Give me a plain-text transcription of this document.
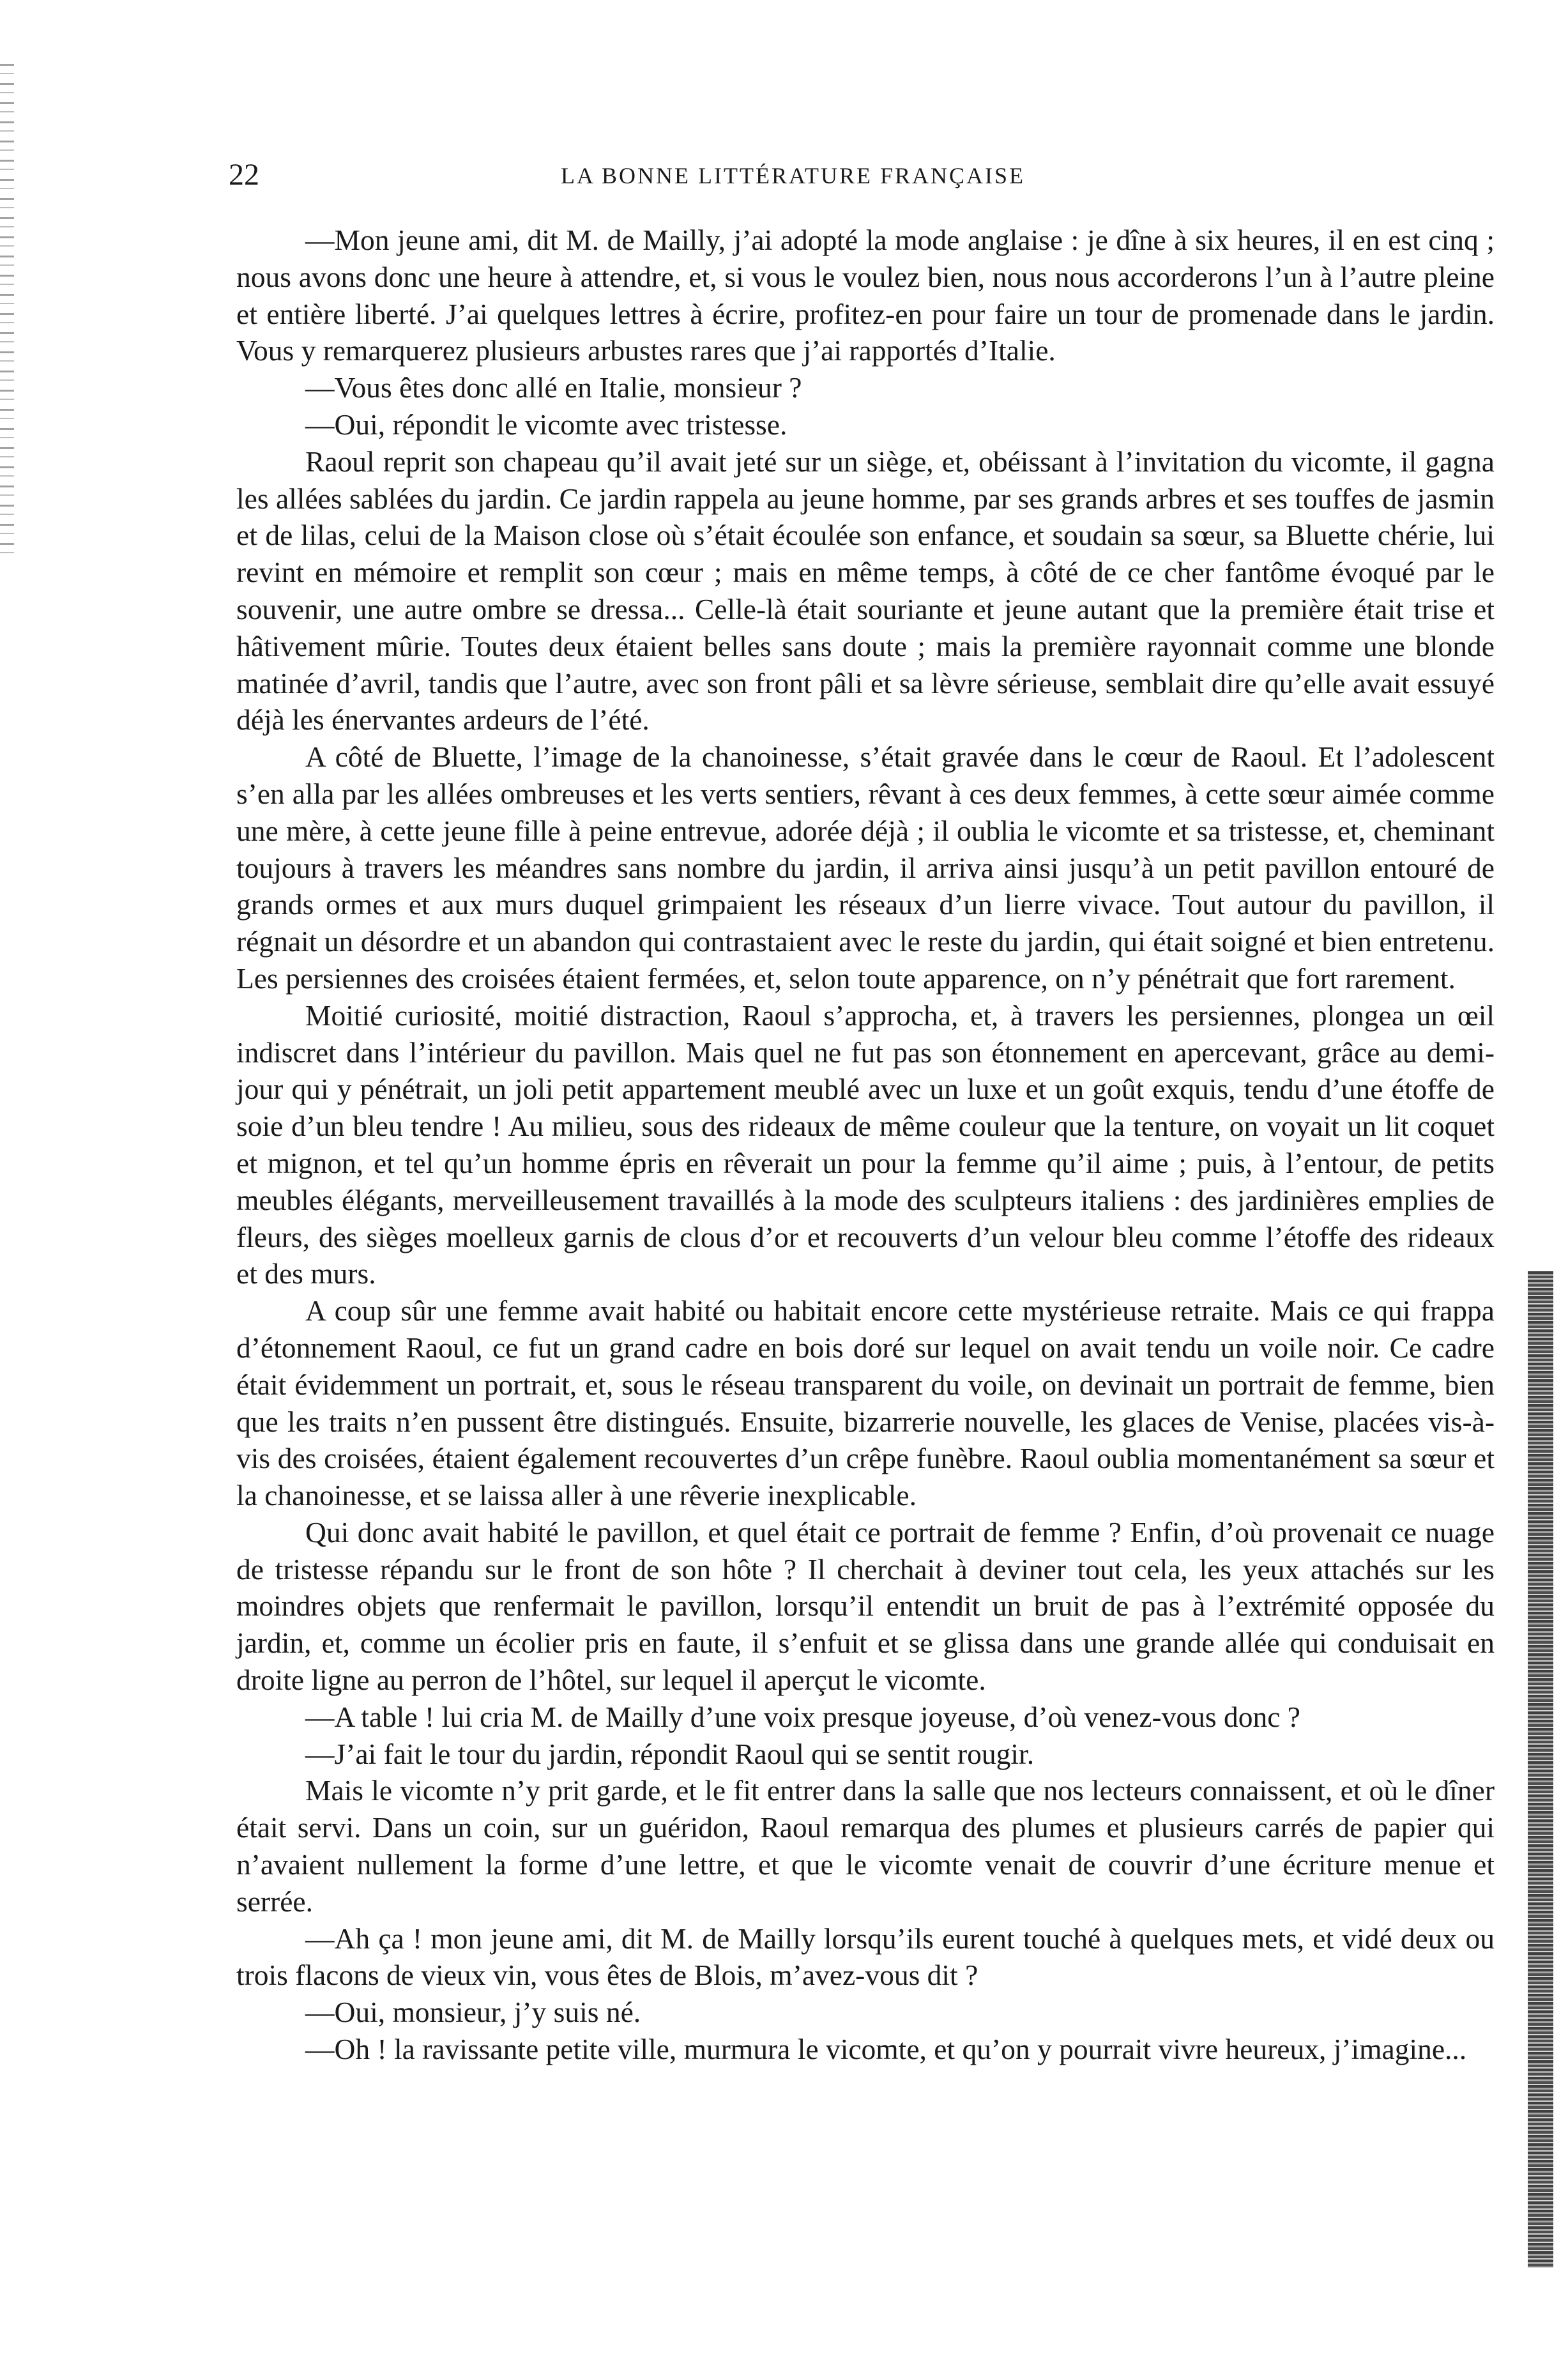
22	LA BONNE LITTÉRATURE FRANÇAISE

—Mon jeune ami, dit M. de Mailly, j’ai adopté la mode anglaise : je dîne à six heures, il en est cinq ; nous avons donc une heure à attendre, et, si vous le voulez bien, nous nous accorderons l’un à l’autre pleine et entière liberté. J’ai quelques lettres à écrire, profitez-en pour faire un tour de promenade dans le jardin. Vous y remarquerez plusieurs arbustes rares que j’ai rapportés d’Italie.

—Vous êtes donc allé en Italie, monsieur ?

—Oui, répondit le vicomte avec tristesse.

Raoul reprit son chapeau qu’il avait jeté sur un siège, et, obéissant à l’invitation du vicomte, il gagna les allées sablées du jardin. Ce jardin rappela au jeune homme, par ses grands arbres et ses touffes de jasmin et de lilas, celui de la Maison close où s’était écoulée son enfance, et soudain sa sœur, sa Bluette chérie, lui revint en mémoire et remplit son cœur ; mais en même temps, à côté de ce cher fantôme évoqué par le souvenir, une autre ombre se dressa... Celle-là était souriante et jeune autant que la première était trise et hâtivement mûrie. Toutes deux étaient belles sans doute ; mais la première rayonnait comme une blonde matinée d’avril, tandis que l’autre, avec son front pâli et sa lèvre sérieuse, semblait dire qu’elle avait essuyé déjà les énervantes ardeurs de l’été.

A côté de Bluette, l’image de la chanoinesse, s’était gravée dans le cœur de Raoul. Et l’adolescent s’en alla par les allées ombreuses et les verts sentiers, rêvant à ces deux femmes, à cette sœur aimée comme une mère, à cette jeune fille à peine entrevue, adorée déjà ; il oublia le vicomte et sa tristesse, et, cheminant toujours à travers les méandres sans nombre du jardin, il arriva ainsi jusqu’à un petit pavillon entouré de grands ormes et aux murs duquel grimpaient les réseaux d’un lierre vivace. Tout autour du pavillon, il régnait un désordre et un abandon qui contrastaient avec le reste du jardin, qui était soigné et bien entretenu. Les persiennes des croisées étaient fermées, et, selon toute apparence, on n’y pénétrait que fort rarement.

Moitié curiosité, moitié distraction, Raoul s’approcha, et, à travers les persiennes, plongea un œil indiscret dans l’intérieur du pavillon. Mais quel ne fut pas son étonnement en apercevant, grâce au demi-jour qui y pénétrait, un joli petit appartement meublé avec un luxe et un goût exquis, tendu d’une étoffe de soie d’un bleu tendre ! Au milieu, sous des rideaux de même couleur que la tenture, on voyait un lit coquet et mignon, et tel qu’un homme épris en rêverait un pour la femme qu’il aime ; puis, à l’entour, de petits meubles élégants, merveilleusement travaillés à la mode des sculpteurs italiens : des jardinières emplies de fleurs, des sièges moelleux garnis de clous d’or et recouverts d’un velour bleu comme l’étoffe des rideaux et des murs.

A coup sûr une femme avait habité ou habitait encore cette mystérieuse retraite. Mais ce qui frappa d’étonnement Raoul, ce fut un grand cadre en bois doré sur lequel on avait tendu un voile noir. Ce cadre était évidemment un portrait, et, sous le réseau transparent du voile, on devinait un portrait de femme, bien que les traits n’en pussent être distingués. Ensuite, bizarrerie nouvelle, les glaces de Venise, placées vis-à-vis des croisées, étaient également recouvertes d’un crêpe funèbre. Raoul oublia momentanément sa sœur et la chanoinesse, et se laissa aller à une rêverie inexplicable.

Qui donc avait habité le pavillon, et quel était ce portrait de femme ? Enfin, d’où provenait ce nuage de tristesse répandu sur le front de son hôte ? Il cherchait à deviner tout cela, les yeux attachés sur les moindres objets que renfermait le pavillon, lorsqu’il entendit un bruit de pas à l’extrémité opposée du jardin, et, comme un écolier pris en faute, il s’enfuit et se glissa dans une grande allée qui conduisait en droite ligne au perron de l’hôtel, sur lequel il aperçut le vicomte.

—A table ! lui cria M. de Mailly d’une voix presque joyeuse, d’où venez-vous donc ?

—J’ai fait le tour du jardin, répondit Raoul qui se sentit rougir.

Mais le vicomte n’y prit garde, et le fit entrer dans la salle que nos lecteurs connaissent, et où le dîner était servi. Dans un coin, sur un guéridon, Raoul remarqua des plumes et plusieurs carrés de papier qui n’avaient nullement la forme d’une lettre, et que le vicomte venait de couvrir d’une écriture menue et serrée.

—Ah ça ! mon jeune ami, dit M. de Mailly lorsqu’ils eurent touché à quelques mets, et vidé deux ou trois flacons de vieux vin, vous êtes de Blois, m’avez-vous dit ?

—Oui, monsieur, j’y suis né.

—Oh ! la ravissante petite ville, murmura le vicomte, et qu’on y pourrait vivre heureux, j’imagine...
